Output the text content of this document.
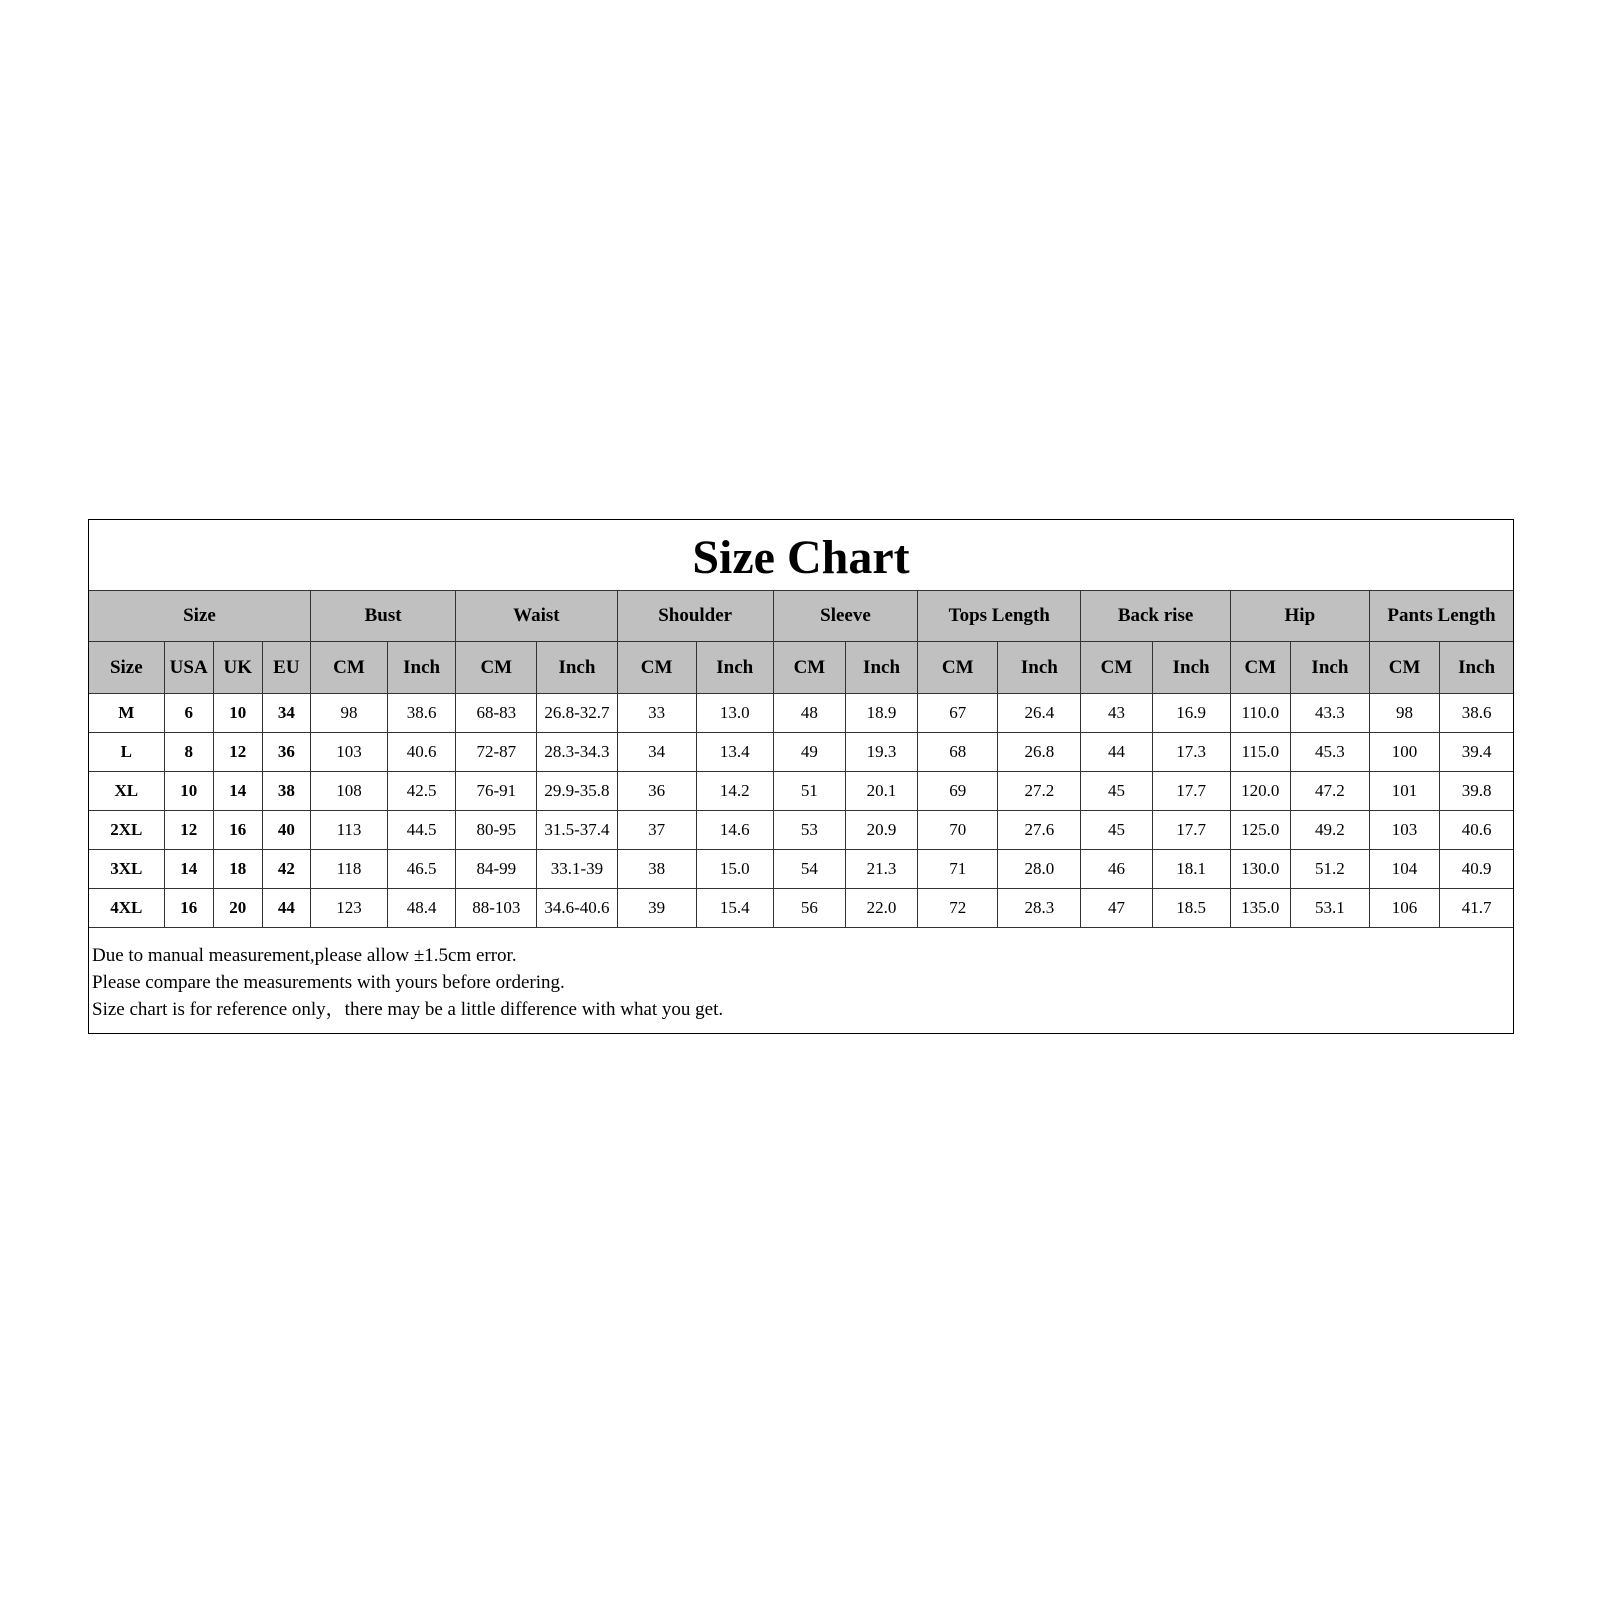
Size Chart																			
Size				Bust		Waist		Shoulder		Sleeve		Tops Length		Back rise		Hip		Pants Length	
Size	USA	UK	EU	CM	Inch	CM	Inch	CM	Inch	CM	Inch	CM	Inch	CM	Inch	CM	Inch	CM	Inch
M	6	10	34	98	38.6	68-83	26.8-32.7	33	13.0	48	18.9	67	26.4	43	16.9	110.0	43.3	98	38.6
L	8	12	36	103	40.6	72-87	28.3-34.3	34	13.4	49	19.3	68	26.8	44	17.3	115.0	45.3	100	39.4
XL	10	14	38	108	42.5	76-91	29.9-35.8	36	14.2	51	20.1	69	27.2	45	17.7	120.0	47.2	101	39.8
2XL	12	16	40	113	44.5	80-95	31.5-37.4	37	14.6	53	20.9	70	27.6	45	17.7	125.0	49.2	103	40.6
3XL	14	18	42	118	46.5	84-99	33.1-39	38	15.0	54	21.3	71	28.0	46	18.1	130.0	51.2	104	40.9
4XL	16	20	44	123	48.4	88-103	34.6-40.6	39	15.4	56	22.0	72	28.3	47	18.5	135.0	53.1	106	41.7
Due to manual measurement,please allow ±1.5cm error.
Please compare the measurements with yours before ordering.
Size chart is for reference only，there may be a little difference with what you get.
